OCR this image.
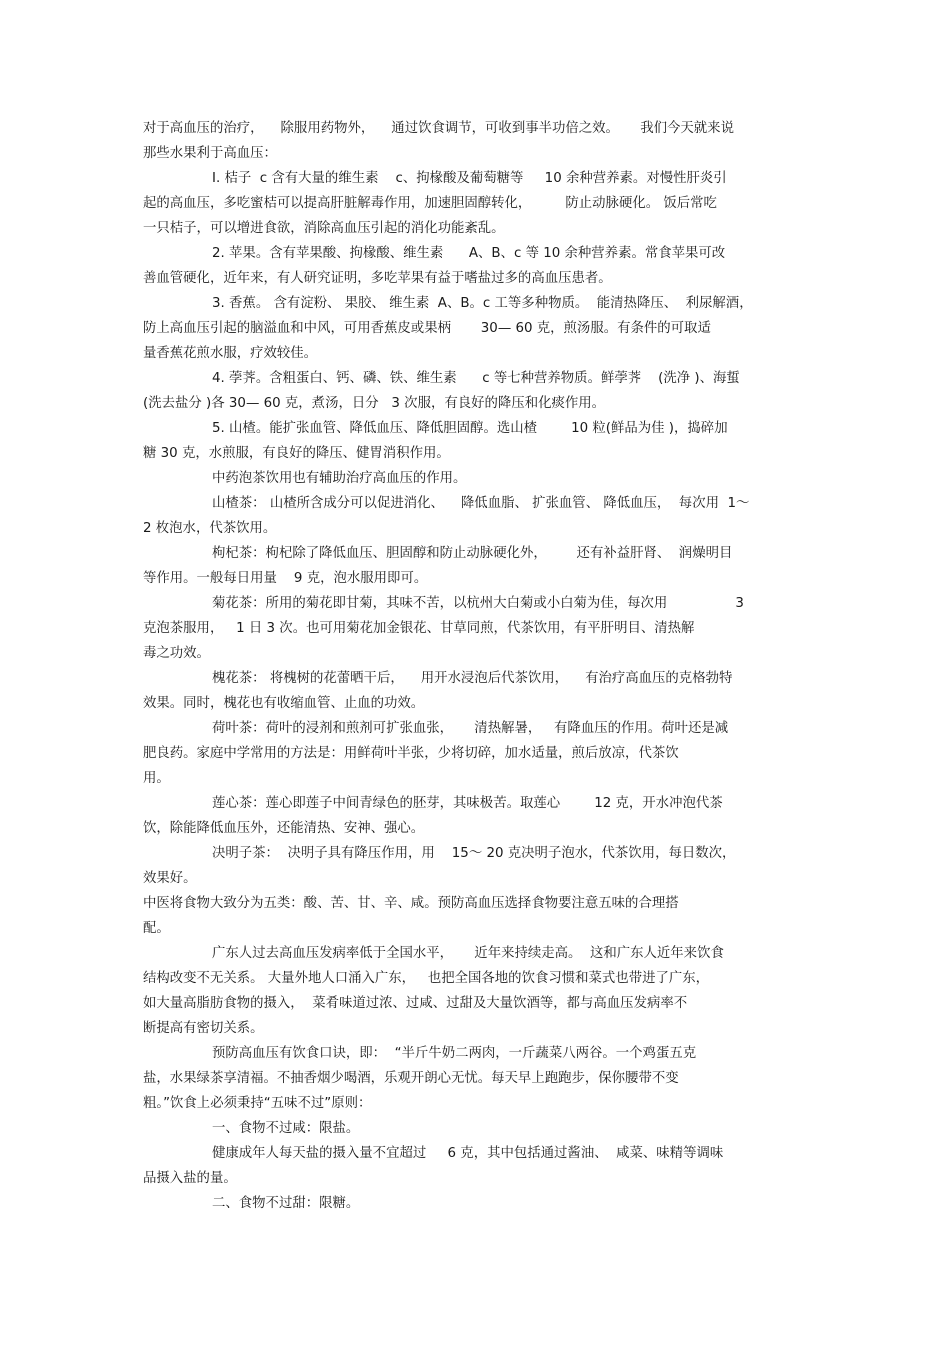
对于高血压的治疗，    除服用药物外，    通过饮食调节，可收到事半功倍之效。     我们今天就来说
那些水果利于高血压：
I. 桔子  c 含有大量的维生素    c、拘椽酸及葡萄糖等     10 余种营养素。对慢性肝炎引
起的高血压，多吃蜜桔可以提高肝脏解毒作用，加速胆固醇转化，        防止动脉硬化。 饭后常吃
一只桔子，可以增进食欲，消除高血压引起的消化功能紊乱。
2. 苹果。含有苹果酸、拘椽酸、维生素      A、B、c 等 10 余种营养素。常食苹果可改
善血管硬化，近年来，有人研究证明，多吃苹果有益于嗜盐过多的高血压患者。
3. 香蕉。 含有淀粉、 果胶、 维生素  A、B。c 工等多种物质。  能清热降压、  利尿解酒，
防上高血压引起的脑溢血和中风，可用香蕉皮或果柄       30— 60 克，煎汤服。有条件的可取适
量香蕉花煎水服，疗效较佳。
4. 荸荠。含粗蛋白、钙、磷、铁、维生素      c 等七种营养物质。鲜荸荠    (洗净 )、海蜇
(洗去盐分 )各 30— 60 克，煮汤，日分   3 次服，有良好的降压和化痰作用。
5. 山楂。能扩张血管、降低血压、降低胆固醇。选山楂        10 粒(鲜品为佳 )，捣碎加
糖 30 克，水煎服，有良好的降压、健胃消积作用。
中药泡茶饮用也有辅助治疗高血压的作用。
山楂茶： 山楂所含成分可以促进消化、    降低血脂、 扩张血管、 降低血压，  每次用  1～
2 枚泡水，代茶饮用。
枸杞茶：枸杞除了降低血压、胆固醇和防止动脉硬化外，       还有补益肝肾、  润燥明目
等作用。一般每日用量    9 克，泡水服用即可。
菊花茶：所用的菊花即甘菊，其味不苦，以杭州大白菊或小白菊为佳，每次用                3
克泡茶服用，   1 日 3 次。也可用菊花加金银花、甘草同煎，代茶饮用，有平肝明目、清热解
毒之功效。
槐花茶： 将槐树的花蕾晒干后，    用开水浸泡后代茶饮用，    有治疗高血压的克格勃特
效果。同时，槐花也有收缩血管、止血的功效。
荷叶茶：荷叶的浸剂和煎剂可扩张血张，     清热解暑，   有降血压的作用。荷叶还是减
肥良药。家庭中学常用的方法是：用鲜荷叶半张，少将切碎，加水适量，煎后放凉，代茶饮
用。
莲心茶：莲心即莲子中间青绿色的胚芽，其味极苦。取莲心        12 克，开水冲泡代茶
饮，除能降低血压外，还能清热、安神、强心。
决明子茶：  决明子具有降压作用，用    15～ 20 克决明子泡水，代茶饮用，每日数次，
效果好。
中医将食物大致分为五类：酸、苦、甘、辛、咸。预防高血压选择食物要注意五味的合理搭
配。
广东人过去高血压发病率低于全国水平，     近年来持续走高。  这和广东人近年来饮食
结构改变不无关系。 大量外地人口涌入广东，   也把全国各地的饮食习惯和菜式也带进了广东，
如大量高脂肪食物的摄入，  菜肴味道过浓、过咸、过甜及大量饮酒等，都与高血压发病率不
断提高有密切关系。
预防高血压有饮食口诀，即：  “半斤牛奶二两肉，一斤蔬菜八两谷。一个鸡蛋五克
盐，水果绿茶享清福。不抽香烟少喝酒，乐观开朗心无忧。每天早上跑跑步，保你腰带不变
粗。”饮食上必须秉持“五味不过”原则：
一、食物不过咸：限盐。
健康成年人每天盐的摄入量不宜超过     6 克，其中包括通过酱油、  咸菜、味精等调味
品摄入盐的量。
二、食物不过甜：限糖。
